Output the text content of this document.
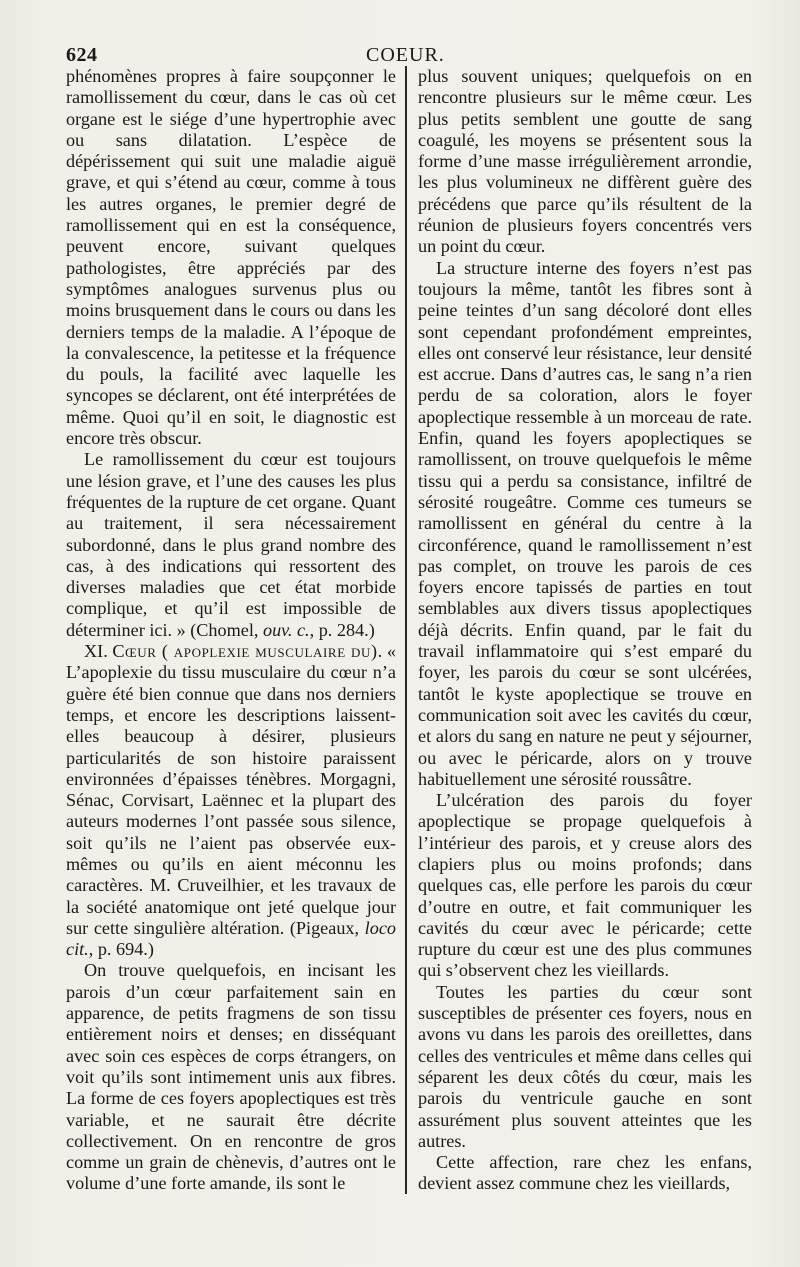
624	COEUR.

phénomènes propres à faire soupçonner le ramollissement du cœur, dans le cas où cet organe est le siége d’une hypertrophie avec ou sans dilatation. L’espèce de dépérissement qui suit une maladie aiguë grave, et qui s’étend au cœur, comme à tous les autres organes, le premier degré de ramollissement qui en est la conséquence, peuvent encore, suivant quelques pathologistes, être appréciés par des symptômes analogues survenus plus ou moins brusquement dans le cours ou dans les derniers temps de la maladie. A l’époque de la convalescence, la petitesse et la fréquence du pouls, la facilité avec laquelle les syncopes se déclarent, ont été interprétées de même. Quoi qu’il en soit, le diagnostic est encore très obscur.

Le ramollissement du cœur est toujours une lésion grave, et l’une des causes les plus fréquentes de la rupture de cet organe. Quant au traitement, il sera nécessairement subordonné, dans le plus grand nombre des cas, à des indications qui ressortent des diverses maladies que cet état morbide complique, et qu’il est impossible de déterminer ici. » (Chomel, ouv. c., p. 284.)

XI. Cœur ( apoplexie musculaire du). « L’apoplexie du tissu musculaire du cœur n’a guère été bien connue que dans nos derniers temps, et encore les descriptions laissent-elles beaucoup à désirer, plusieurs particularités de son histoire paraissent environnées d’épaisses ténèbres. Morgagni, Sénac, Corvisart, Laënnec et la plupart des auteurs modernes l’ont passée sous silence, soit qu’ils ne l’aient pas observée eux-mêmes ou qu’ils en aient méconnu les caractères. M. Cruveilhier, et les travaux de la société anatomique ont jeté quelque jour sur cette singulière altération. (Pigeaux, loco cit., p. 694.)

On trouve quelquefois, en incisant les parois d’un cœur parfaitement sain en apparence, de petits fragmens de son tissu entièrement noirs et denses; en disséquant avec soin ces espèces de corps étrangers, on voit qu’ils sont intimement unis aux fibres. La forme de ces foyers apoplectiques est très variable, et ne saurait être décrite collectivement. On en rencontre de gros comme un grain de chènevis, d’autres ont le volume d’une forte amande, ils sont le

plus souvent uniques; quelquefois on en rencontre plusieurs sur le même cœur. Les plus petits semblent une goutte de sang coagulé, les moyens se présentent sous la forme d’une masse irrégulièrement arrondie, les plus volumineux ne diffèrent guère des précédens que parce qu’ils résultent de la réunion de plusieurs foyers concentrés vers un point du cœur.

La structure interne des foyers n’est pas toujours la même, tantôt les fibres sont à peine teintes d’un sang décoloré dont elles sont cependant profondément empreintes, elles ont conservé leur résistance, leur densité est accrue. Dans d’autres cas, le sang n’a rien perdu de sa coloration, alors le foyer apoplectique ressemble à un morceau de rate. Enfin, quand les foyers apoplectiques se ramollissent, on trouve quelquefois le même tissu qui a perdu sa consistance, infiltré de sérosité rougeâtre. Comme ces tumeurs se ramollissent en général du centre à la circonférence, quand le ramollissement n’est pas complet, on trouve les parois de ces foyers encore tapissés de parties en tout semblables aux divers tissus apoplectiques déjà décrits. Enfin quand, par le fait du travail inflammatoire qui s’est emparé du foyer, les parois du cœur se sont ulcérées, tantôt le kyste apoplectique se trouve en communication soit avec les cavités du cœur, et alors du sang en nature ne peut y séjourner, ou avec le péricarde, alors on y trouve habituellement une sérosité roussâtre.

L’ulcération des parois du foyer apoplectique se propage quelquefois à l’intérieur des parois, et y creuse alors des clapiers plus ou moins profonds; dans quelques cas, elle perfore les parois du cœur d’outre en outre, et fait communiquer les cavités du cœur avec le péricarde; cette rupture du cœur est une des plus communes qui s’observent chez les vieillards.

Toutes les parties du cœur sont susceptibles de présenter ces foyers, nous en avons vu dans les parois des oreillettes, dans celles des ventricules et même dans celles qui séparent les deux côtés du cœur, mais les parois du ventricule gauche en sont assurément plus souvent atteintes que les autres.

Cette affection, rare chez les enfans, devient assez commune chez les vieillards,
